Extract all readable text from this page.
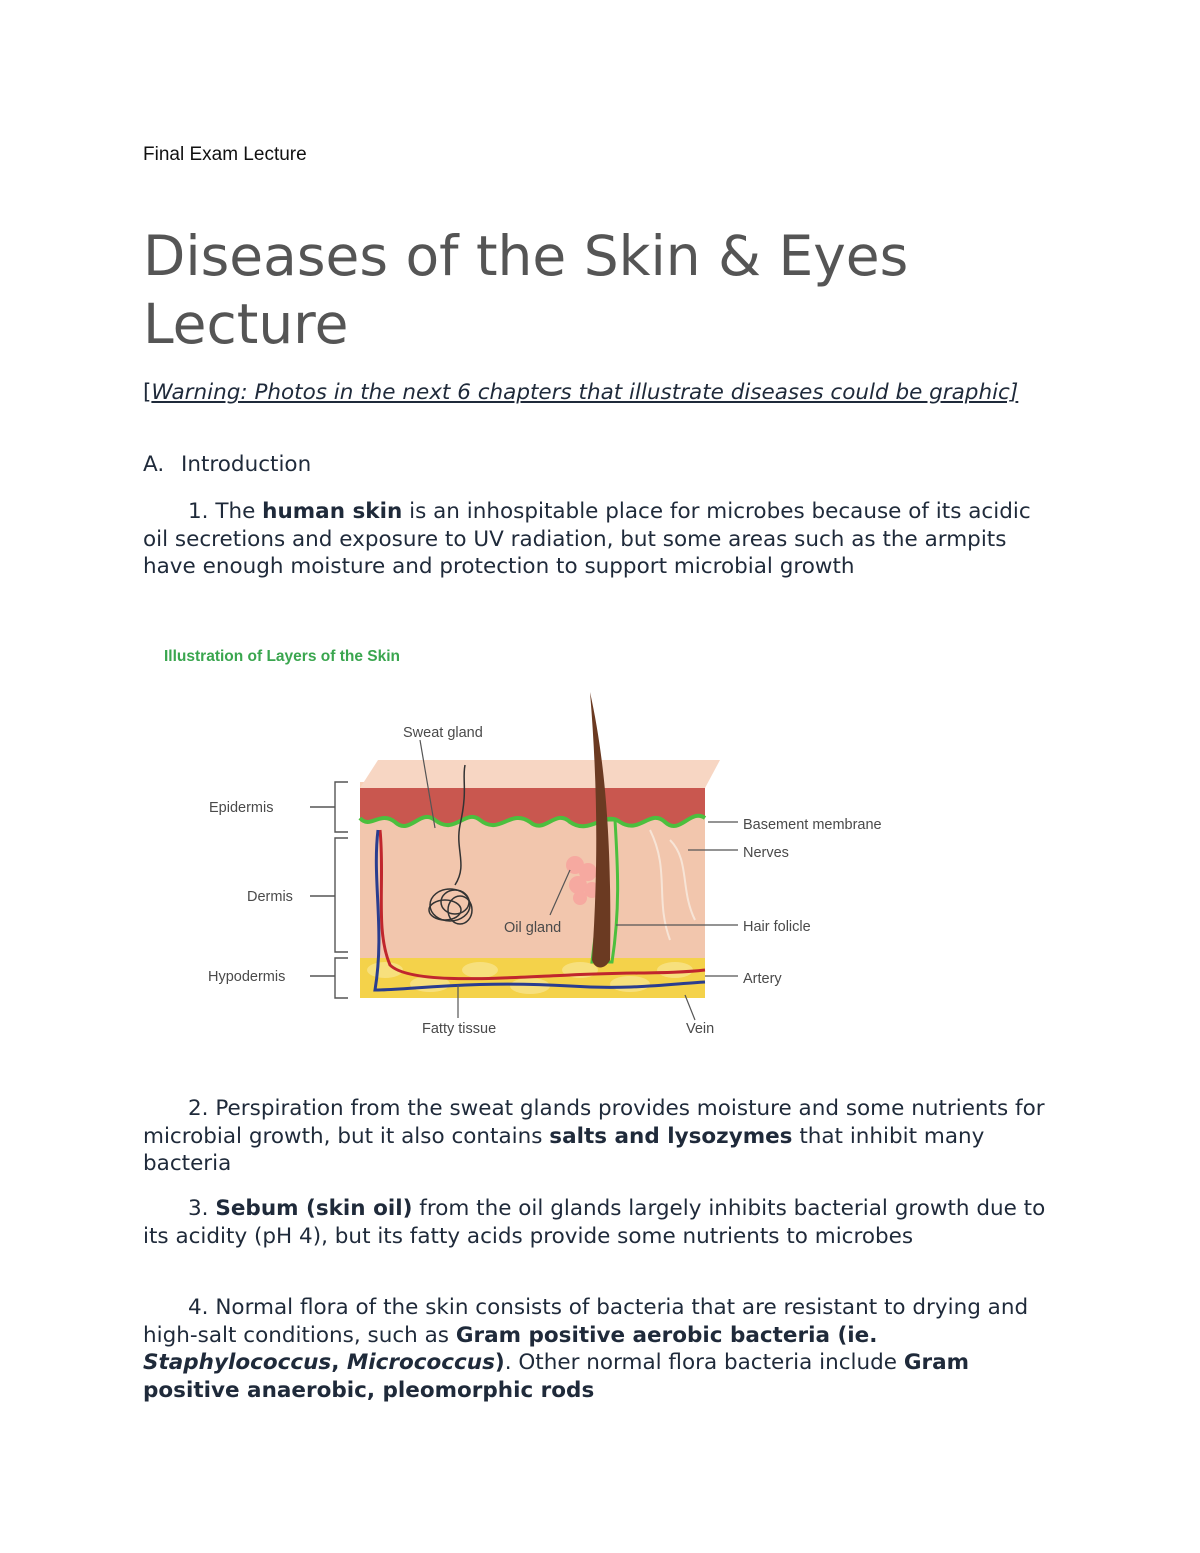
Final Exam Lecture
Diseases of the Skin & Eyes Lecture
[Warning: Photos in the next 6 chapters that illustrate diseases could be graphic]
A. Introduction
1. The human skin is an inhospitable place for microbes because of its acidic oil secretions and exposure to UV radiation, but some areas such as the armpits have enough moisture and protection to support microbial growth
Illustration of Layers of the Skin
Epidermis
Dermis
Hypodermis
Sweat gland
Oil gland
Fatty tissue
Basement membrane
Nerves
Hair folicle
Artery
Vein
2. Perspiration from the sweat glands provides moisture and some nutrients for microbial growth, but it also contains salts and lysozymes that inhibit many bacteria
3. Sebum (skin oil) from the oil glands largely inhibits bacterial growth due to its acidity (pH 4), but its fatty acids provide some nutrients to microbes
4. Normal flora of the skin consists of bacteria that are resistant to drying and high-salt conditions, such as Gram positive aerobic bacteria (ie. Staphylococcus, Micrococcus). Other normal flora bacteria include Gram positive anaerobic, pleomorphic rods
